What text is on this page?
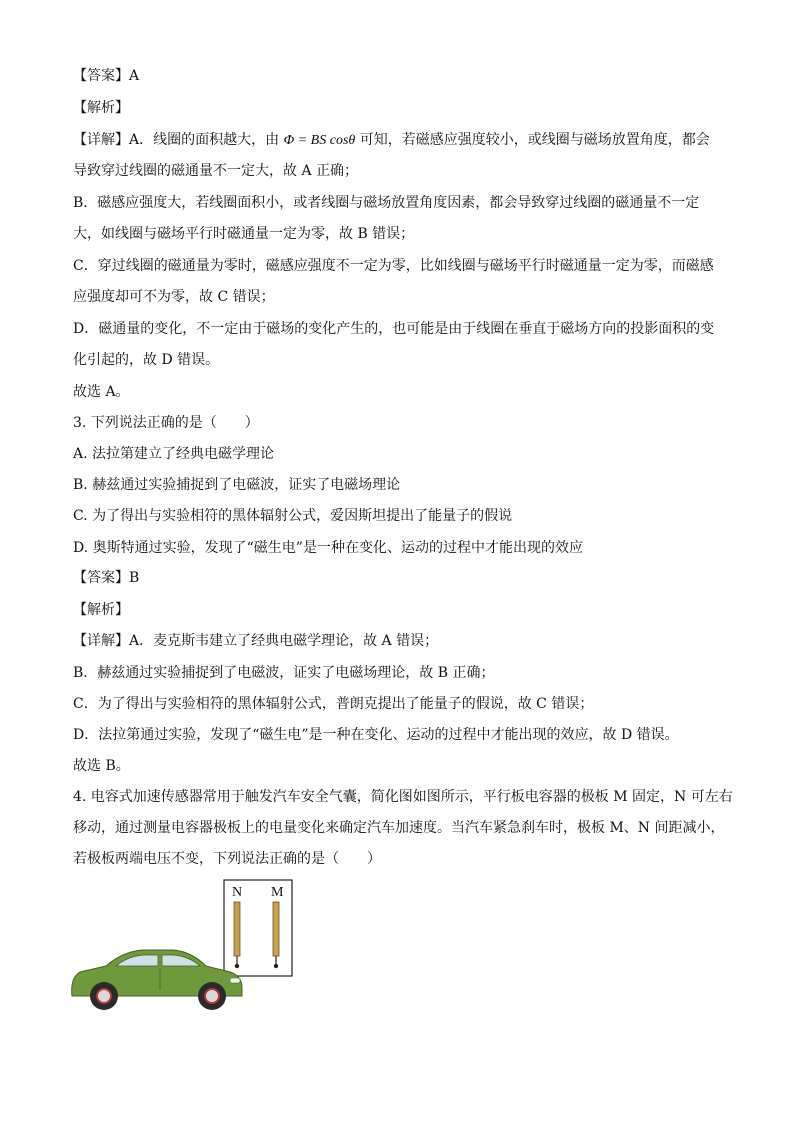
【答案】A
【解析】
【详解】A．线圈的面积越大，由 Φ = BS cosθ 可知，若磁感应强度较小，或线圈与磁场放置角度，都会
导致穿过线圈的磁通量不一定大，故 A 正确；
B．磁感应强度大，若线圈面积小，或者线圈与磁场放置角度因素，都会导致穿过线圈的磁通量不一定
大，如线圈与磁场平行时磁通量一定为零，故 B 错误；
C．穿过线圈的磁通量为零时，磁感应强度不一定为零，比如线圈与磁场平行时磁通量一定为零，而磁感
应强度却可不为零，故 C 错误；
D．磁通量的变化，不一定由于磁场的变化产生的，也可能是由于线圈在垂直于磁场方向的投影面积的变
化引起的，故 D 错误。
故选 A。
3. 下列说法正确的是（　　）
A. 法拉第建立了经典电磁学理论
B. 赫兹通过实验捕捉到了电磁波，证实了电磁场理论
C. 为了得出与实验相符的黑体辐射公式，爱因斯坦提出了能量子的假说
D. 奥斯特通过实验，发现了“磁生电”是一种在变化、运动的过程中才能出现的效应
【答案】B
【解析】
【详解】A．麦克斯韦建立了经典电磁学理论，故 A 错误；
B．赫兹通过实验捕捉到了电磁波，证实了电磁场理论，故 B 正确；
C．为了得出与实验相符的黑体辐射公式，普朗克提出了能量子的假说，故 C 错误；
D．法拉第通过实验，发现了“磁生电”是一种在变化、运动的过程中才能出现的效应，故 D 错误。
故选 B。
4. 电容式加速传感器常用于触发汽车安全气囊，简化图如图所示，平行板电容器的极板 M 固定，N 可左右
移动，通过测量电容器极板上的电量变化来确定汽车加速度。当汽车紧急刹车时，极板 M、N 间距减小，
若极板两端电压不变，下列说法正确的是（　　）
N M
